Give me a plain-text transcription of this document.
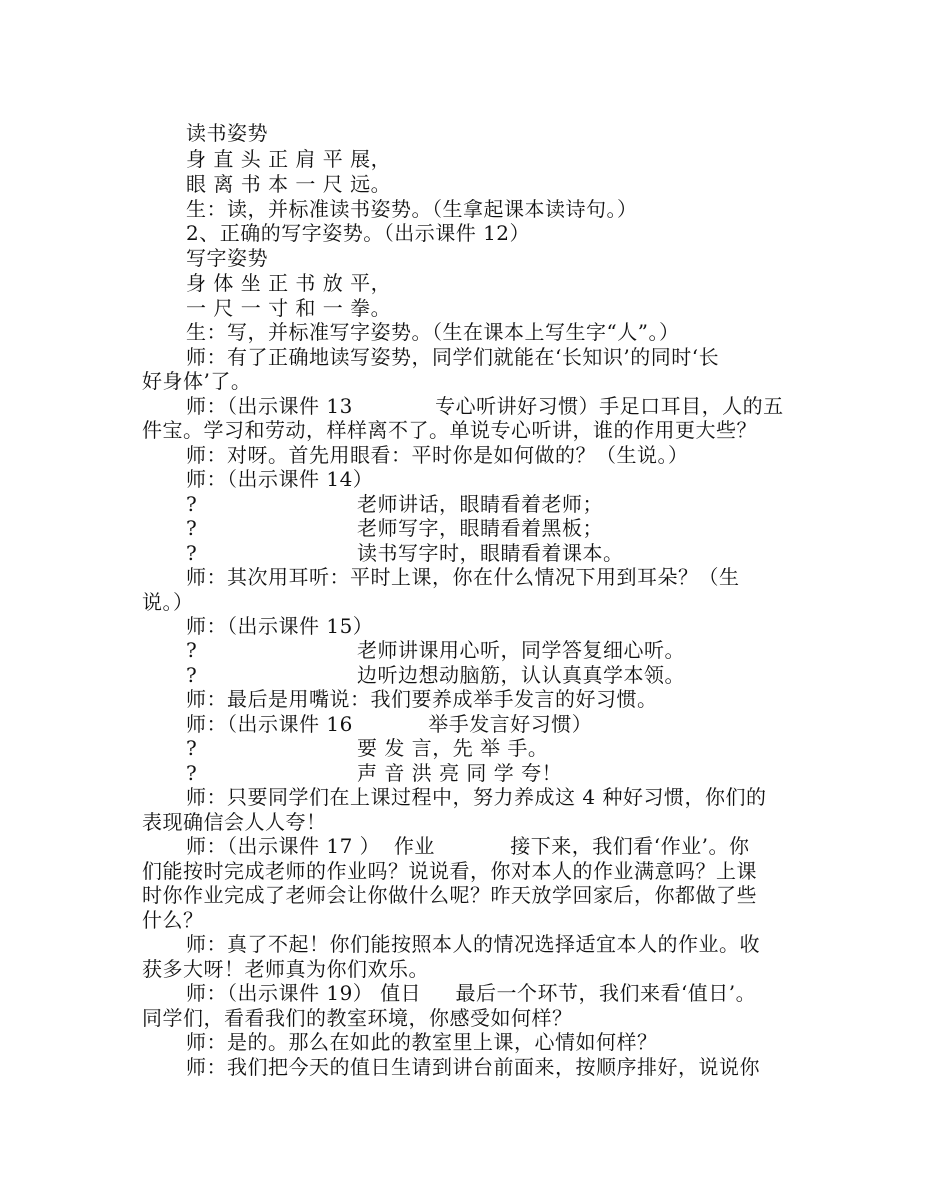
读书姿势
身 直 头 正 肩 平 展，
眼 离 书 本 一 尺 远。
生：读，并标准读书姿势。（生拿起课本读诗句。）
2、正确的写字姿势。（出示课件 12）
写字姿势
身 体 坐 正 书 放 平，
一 尺 一 寸 和 一 拳。
生：写，并标准写字姿势。（生在课本上写生字“人”。）
师：有了正确地读写姿势，同学们就能在‘长知识’的同时‘长
好身体’了。
师：（出示课件 13            专心听讲好习惯）手足口耳目，人的五
件宝。学习和劳动，样样离不了。单说专心听讲，谁的作用更大些？
师：对呀。首先用眼看：平时你是如何做的？（生说。）
师：（出示课件 14）
?	老师讲话，眼睛看着老师；
?	老师写字，眼睛看着黑板；
?	读书写字时，眼睛看着课本。
师：其次用耳听：平时上课，你在什么情况下用到耳朵？（生
说。）
师：（出示课件 15）
?	老师讲课用心听，同学答复细心听。
?	边听边想动脑筋，认认真真学本领。
师：最后是用嘴说：我们要养成举手发言的好习惯。
师：（出示课件 16           举手发言好习惯）
?	要 发 言，先 举 手。
?	声 音 洪 亮 同 学 夸！
师：只要同学们在上课过程中，努力养成这 4 种好习惯，你们的
表现确信会人人夸！
师：（出示课件 17 ）  作业           接下来，我们看‘作业’。你
们能按时完成老师的作业吗？说说看，你对本人的作业满意吗？上课
时你作业完成了老师会让你做什么呢？昨天放学回家后，你都做了些
什么？
师：真了不起！你们能按照本人的情况选择适宜本人的作业。收
获多大呀！老师真为你们欢乐。
师：（出示课件 19） 值日     最后一个环节，我们来看‘值日’。
同学们，看看我们的教室环境，你感受如何样？
师：是的。那么在如此的教室里上课，心情如何样？
师：我们把今天的值日生请到讲台前面来，按顺序排好，说说你
